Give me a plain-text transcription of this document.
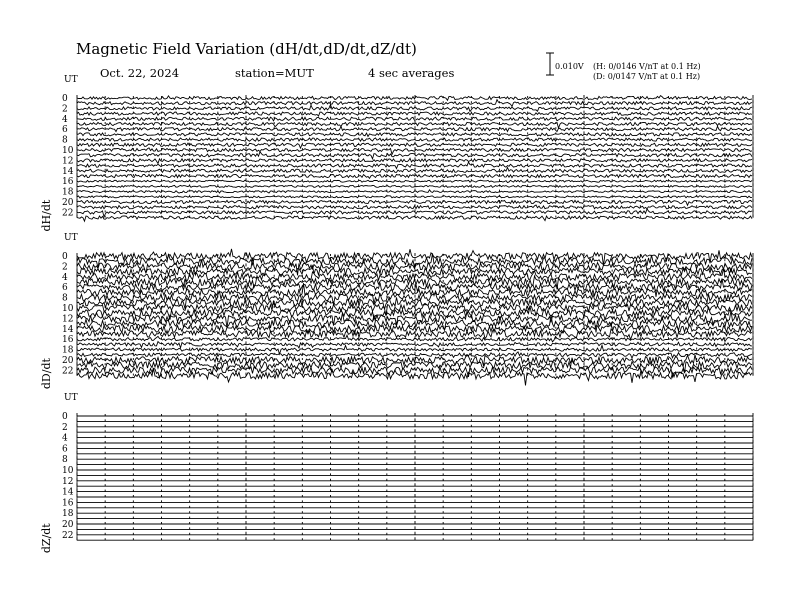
Magnetic Field Variation (dH/dt,dD/dt,dZ/dt)
Oct. 22, 2024	station=MUT	4 sec averages	0.010V (H: 0/0146 V/nT at 0.1 Hz)
(D: 0/0147 V/nT at 0.1 Hz)
UT
dH/dt
0
2
4
6
8
10
12
14
16
18
20
22
UT
dD/dt
0
2
4
6
8
10
12
14
16
18
20
22
UT
dZ/dt
0
2
4
6
8
10
12
14
16
18
20
22
